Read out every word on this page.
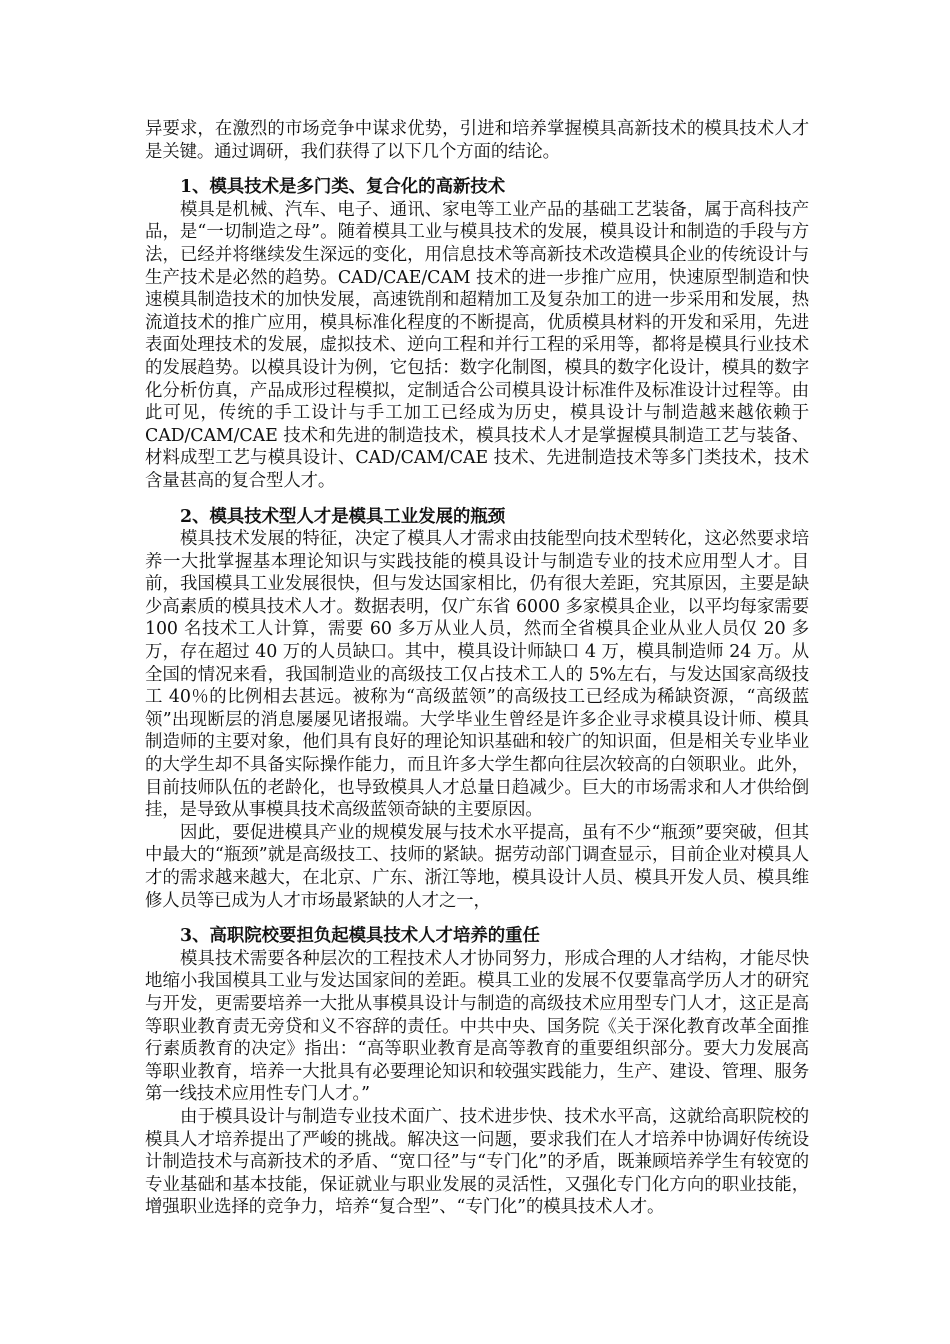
异要求，在激烈的市场竞争中谋求优势，引进和培养掌握模具高新技术的模具技术人才是关键。通过调研，我们获得了以下几个方面的结论。

1、模具技术是多门类、复合化的高新技术

模具是机械、汽车、电子、通讯、家电等工业产品的基础工艺装备，属于高科技产品，是“一切制造之母”。随着模具工业与模具技术的发展，模具设计和制造的手段与方法，已经并将继续发生深远的变化，用信息技术等高新技术改造模具企业的传统设计与生产技术是必然的趋势。CAD/CAE/CAM 技术的进一步推广应用，快速原型制造和快速模具制造技术的加快发展，高速铣削和超精加工及复杂加工的进一步采用和发展，热流道技术的推广应用，模具标准化程度的不断提高，优质模具材料的开发和采用，先进表面处理技术的发展，虚拟技术、逆向工程和并行工程的采用等，都将是模具行业技术的发展趋势。以模具设计为例，它包括：数字化制图，模具的数字化设计，模具的数字化分析仿真，产品成形过程模拟，定制适合公司模具设计标准件及标准设计过程等。由此可见，传统的手工设计与手工加工已经成为历史，模具设计与制造越来越依赖于 CAD/CAM/CAE 技术和先进的制造技术，模具技术人才是掌握模具制造工艺与装备、材料成型工艺与模具设计、CAD/CAM/CAE 技术、先进制造技术等多门类技术，技术含量甚高的复合型人才。

2、模具技术型人才是模具工业发展的瓶颈

模具技术发展的特征，决定了模具人才需求由技能型向技术型转化，这必然要求培养一大批掌握基本理论知识与实践技能的模具设计与制造专业的技术应用型人才。目前，我国模具工业发展很快，但与发达国家相比，仍有很大差距，究其原因，主要是缺少高素质的模具技术人才。数据表明，仅广东省 6000 多家模具企业，以平均每家需要 100 名技术工人计算，需要 60 多万从业人员，然而全省模具企业从业人员仅 20 多万，存在超过 40 万的人员缺口。其中，模具设计师缺口 4 万，模具制造师 24 万。从全国的情况来看，我国制造业的高级技工仅占技术工人的 5%左右，与发达国家高级技工 40％的比例相去甚远。被称为“高级蓝领”的高级技工已经成为稀缺资源，“高级蓝领”出现断层的消息屡屡见诸报端。大学毕业生曾经是许多企业寻求模具设计师、模具制造师的主要对象，他们具有良好的理论知识基础和较广的知识面，但是相关专业毕业的大学生却不具备实际操作能力，而且许多大学生都向往层次较高的白领职业。此外，目前技师队伍的老龄化，也导致模具人才总量日趋减少。巨大的市场需求和人才供给倒挂，是导致从事模具技术高级蓝领奇缺的主要原因。

因此，要促进模具产业的规模发展与技术水平提高，虽有不少“瓶颈”要突破，但其中最大的“瓶颈”就是高级技工、技师的紧缺。据劳动部门调查显示，目前企业对模具人才的需求越来越大，在北京、广东、浙江等地，模具设计人员、模具开发人员、模具维修人员等已成为人才市场最紧缺的人才之一，

3、高职院校要担负起模具技术人才培养的重任

模具技术需要各种层次的工程技术人才协同努力，形成合理的人才结构，才能尽快地缩小我国模具工业与发达国家间的差距。模具工业的发展不仅要靠高学历人才的研究与开发，更需要培养一大批从事模具设计与制造的高级技术应用型专门人才，这正是高等职业教育责无旁贷和义不容辞的责任。中共中央、国务院《关于深化教育改革全面推行素质教育的决定》指出：“高等职业教育是高等教育的重要组织部分。要大力发展高等职业教育，培养一大批具有必要理论知识和较强实践能力，生产、建设、管理、服务第一线技术应用性专门人才。”

由于模具设计与制造专业技术面广、技术进步快、技术水平高，这就给高职院校的模具人才培养提出了严峻的挑战。解决这一问题，要求我们在人才培养中协调好传统设计制造技术与高新技术的矛盾、“宽口径”与“专门化”的矛盾，既兼顾培养学生有较宽的专业基础和基本技能，保证就业与职业发展的灵活性，又强化专门化方向的职业技能，增强职业选择的竞争力，培养“复合型”、“专门化”的模具技术人才。
